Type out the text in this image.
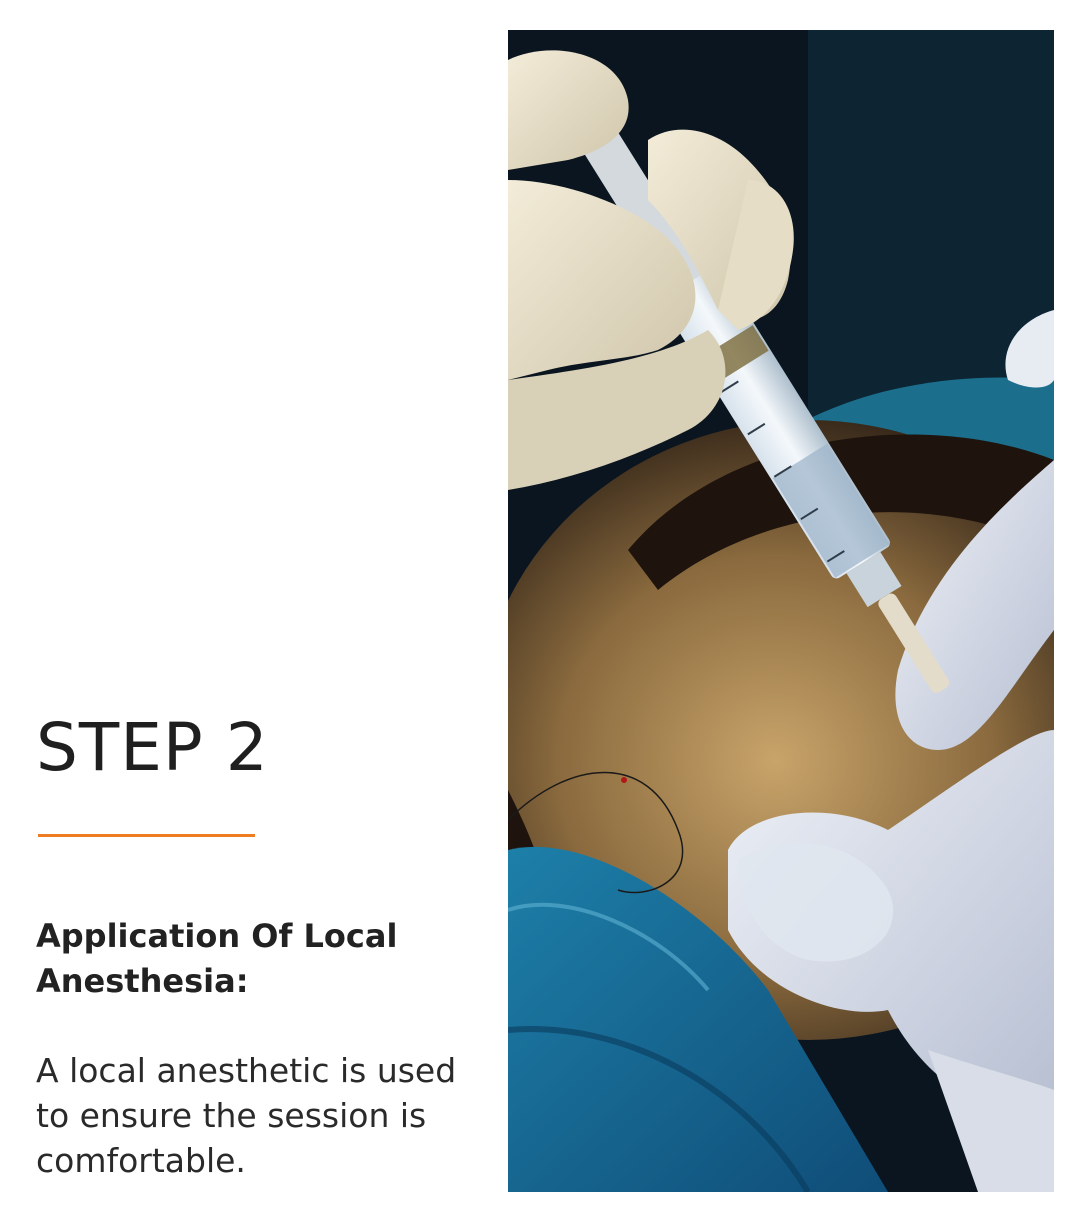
STEP 2
Application Of Local Anesthesia:

A local anesthetic is used to ensure the session is comfortable.
